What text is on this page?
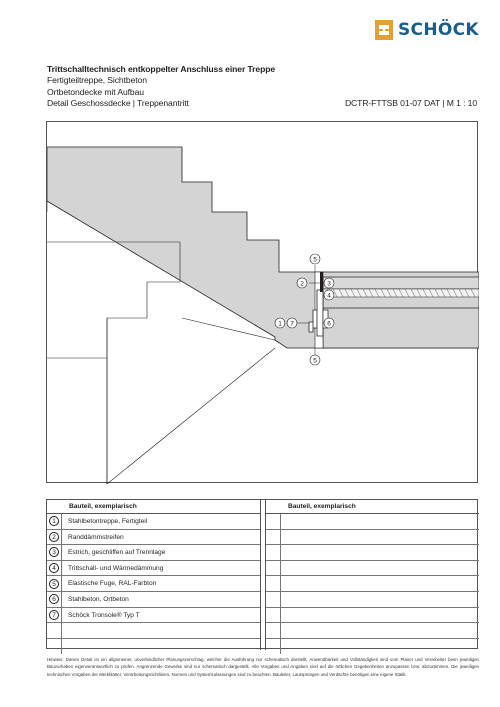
SCHÖCK
Trittschalltechnisch entkoppelter Anschluss einer Treppe
Fertigteiltreppe, Sichtbeton
Ortbetondecke mit Aufbau
Detail Geschossdecke | Treppenantritt	DCTR-FTTSB 01-07 DAT | M 1 : 10
5
2	3
4
1 7	6
5
Bauteil, exemplarisch
1	Stahlbetontreppe, Fertigteil
2	Randdämmstreifen
3	Estrich, geschliffen auf Trennlage
4	Trittschall- und Wärmedämmung
5	Elastische Fuge, RAL-Farbton
6	Stahlbeton, Ortbeton
7	Schöck Tronsole® Typ T
Bauteil, exemplarisch
Hinweis: Dieses Detail ist ein allgemeiner, unverbindlicher Planungsvorschlag, welcher die Ausführung nur schematisch darstellt. Anwendbarkeit und Vollständigkeit sind vom Planer und Verarbeiter beim jeweiligen Bauvorhaben eigenverantwortlich zu prüfen. Angrenzende Gewerke sind nur schematisch dargestellt. Alle Vorgaben und Angaben sind auf die örtlichen Gegebenheiten anzupassen bzw. abzustimmen. Die jeweiligen technischen Vorgaben der Merkblätter, Verarbeitungsrichtlinien, Normen und Systemzulassungen sind zu beachten. Bauleiter, Lautsprüngen und Verdächte benötigen eine eigene Statik.
